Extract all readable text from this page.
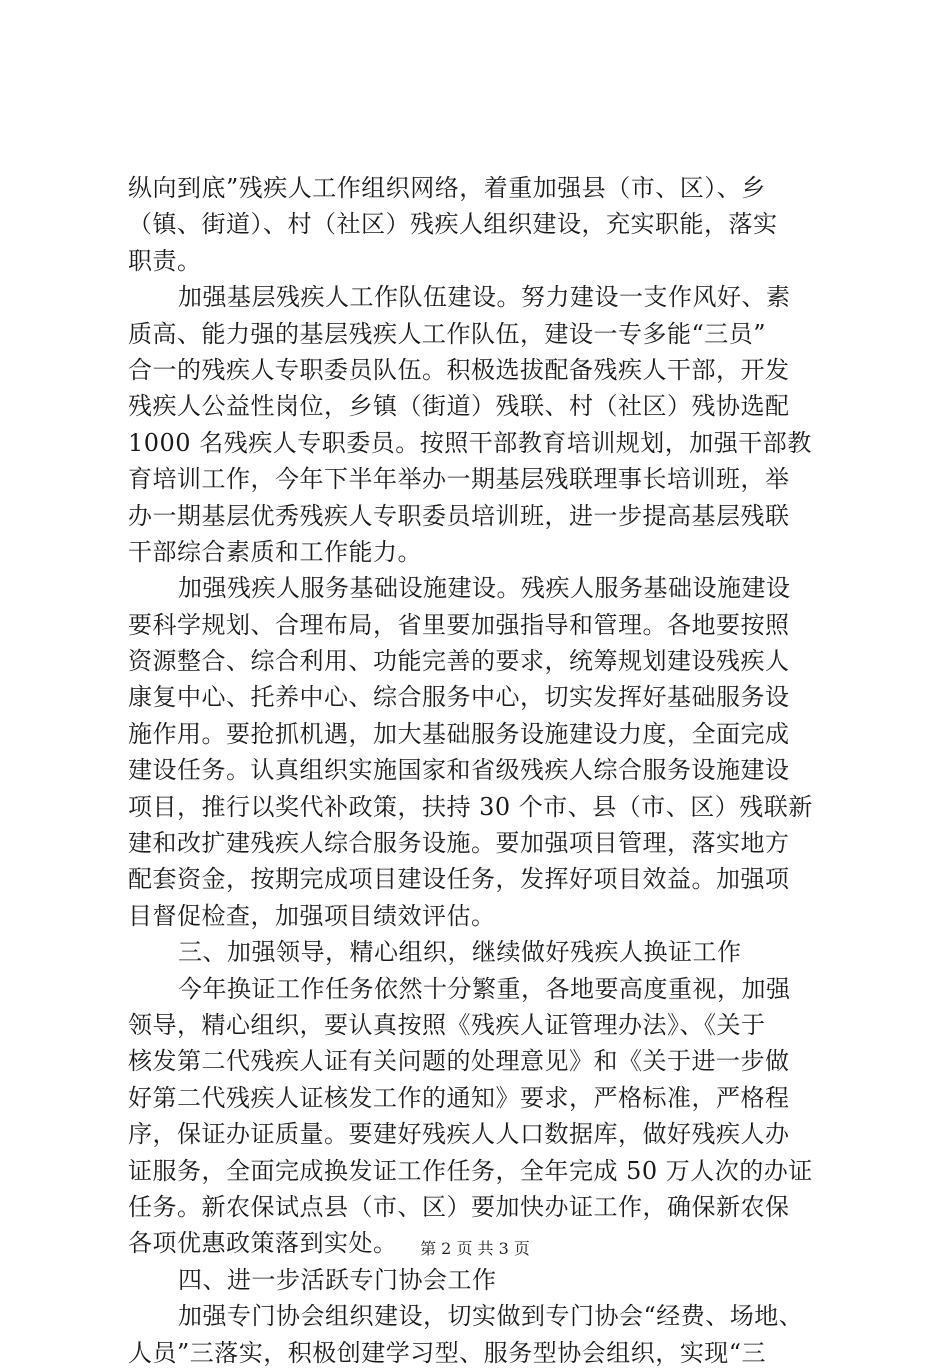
纵向到底”残疾人工作组织网络，着重加强县（市、区）、乡
（镇、街道）、村（社区）残疾人组织建设，充实职能，落实
职责。
加强基层残疾人工作队伍建设。努力建设一支作风好、素
质高、能力强的基层残疾人工作队伍，建设一专多能“三员”
合一的残疾人专职委员队伍。积极选拔配备残疾人干部，开发
残疾人公益性岗位，乡镇（街道）残联、村（社区）残协选配
1000 名残疾人专职委员。按照干部教育培训规划，加强干部教
育培训工作，今年下半年举办一期基层残联理事长培训班，举
办一期基层优秀残疾人专职委员培训班，进一步提高基层残联
干部综合素质和工作能力。
加强残疾人服务基础设施建设。残疾人服务基础设施建设
要科学规划、合理布局，省里要加强指导和管理。各地要按照
资源整合、综合利用、功能完善的要求，统筹规划建设残疾人
康复中心、托养中心、综合服务中心，切实发挥好基础服务设
施作用。要抢抓机遇，加大基础服务设施建设力度，全面完成
建设任务。认真组织实施国家和省级残疾人综合服务设施建设
项目，推行以奖代补政策，扶持 30 个市、县（市、区）残联新
建和改扩建残疾人综合服务设施。要加强项目管理，落实地方
配套资金，按期完成项目建设任务，发挥好项目效益。加强项
目督促检查，加强项目绩效评估。
三、加强领导，精心组织，继续做好残疾人换证工作
今年换证工作任务依然十分繁重，各地要高度重视，加强
领导，精心组织，要认真按照《残疾人证管理办法》、《关于
核发第二代残疾人证有关问题的处理意见》和《关于进一步做
好第二代残疾人证核发工作的通知》要求，严格标准，严格程
序，保证办证质量。要建好残疾人人口数据库，做好残疾人办
证服务，全面完成换发证工作任务，全年完成 50 万人次的办证
任务。新农保试点县（市、区）要加快办证工作，确保新农保
各项优惠政策落到实处。
四、进一步活跃专门协会工作
加强专门协会组织建设，切实做到专门协会“经费、场地、
人员”三落实，积极创建学习型、服务型协会组织，实现“三
第 2 页 共 3 页
